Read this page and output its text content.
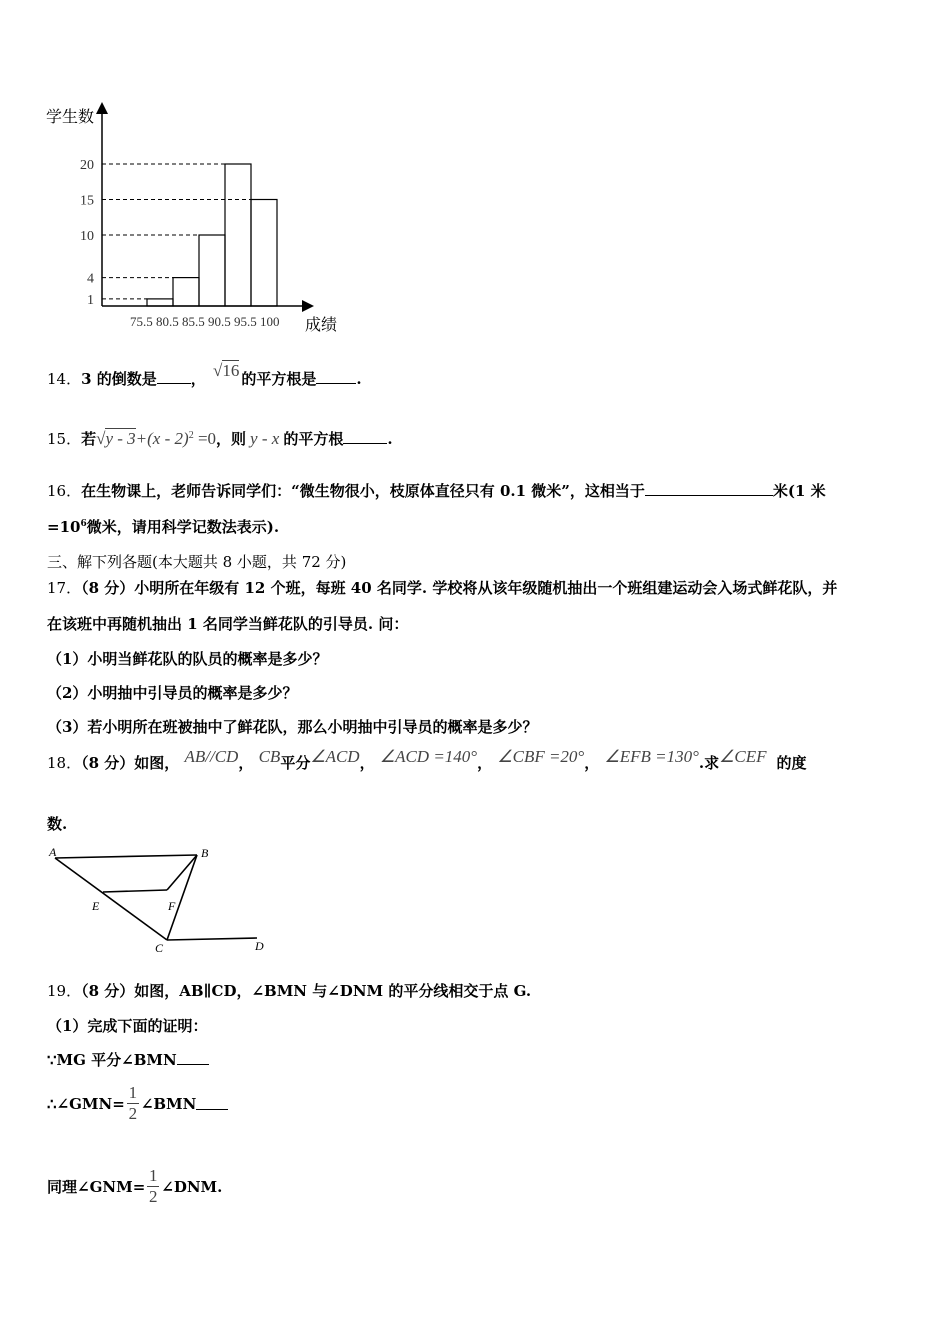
学生数
成绩
1
4
10
15
20
75.5 80.5 85.5 90.5 95.5 100
14．3 的倒数是 ， √16 的平方根是	.
15．若√y - 3+(x - 2)$^2$ =0，则 y - x 的平方根	.
16．在生物课上，老师告诉同学们：“微生物很小，枝原体直径只有 0.1 微米”，这相当于	米(1 米
$=10^6$微米，请用科学记数法表示).
三、解下列各题(本大题共 8 小题，共 72 分)
17．（8 分）小明所在年级有 12 个班，每班 40 名同学. 学校将从该年级随机抽出一个班组建运动会入场式鲜花队，并
在该班中再随机抽出 1 名同学当鲜花队的引导员. 问：
（1）小明当鲜花队的队员的概率是多少？
（2）小明抽中引导员的概率是多少？
（3）若小明所在班被抽中了鲜花队，那么小明抽中引导员的概率是多少？
18．（8 分）如图， AB//CD， CB平分∠ACD， ∠ACD =140°， ∠CBF =20°， ∠EFB =130°.求∠CEF 的度
数.
A	B
E	F
C	D
19．（8 分）如图，AB∥CD，∠BMN 与∠DNM 的平分线相交于点 G.
（1）完成下面的证明：
∵MG 平分∠BMN
∴∠GMN= $\frac{1}{2}$ ∠BMN
同理∠GNM= $\frac{1}{2}$ ∠DNM.
